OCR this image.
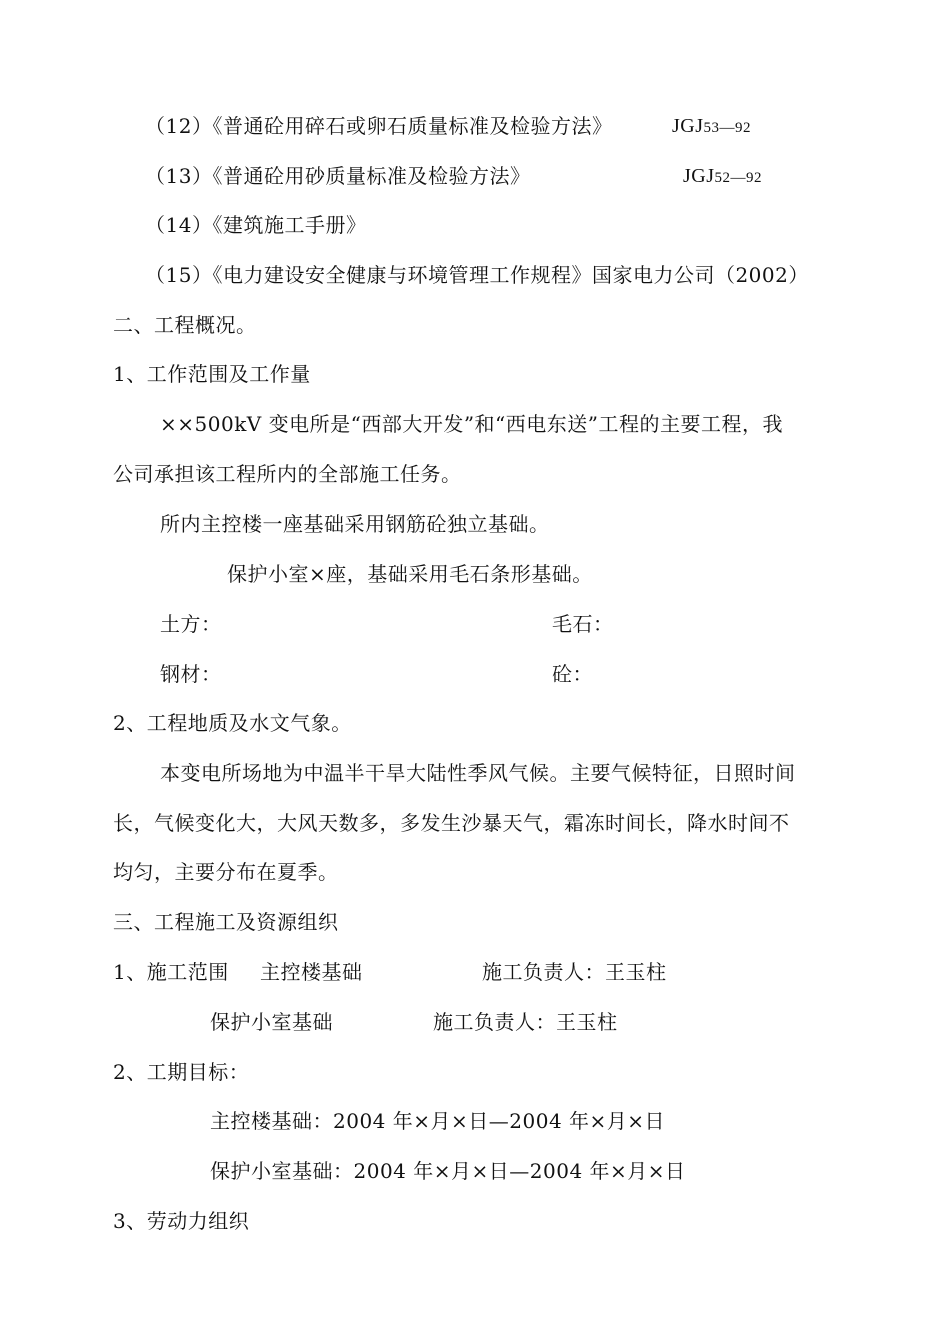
（12）《普通砼用碎石或卵石质量标准及检验方法》	JGJ53—92
（13）《普通砼用砂质量标准及检验方法》	JGJ52—92
（14）《建筑施工手册》
（15）《电力建设安全健康与环境管理工作规程》国家电力公司（2002）
二、工程概况。
1、工作范围及工作量
××500kV 变电所是“西部大开发”和“西电东送”工程的主要工程，我
公司承担该工程所内的全部施工任务。
所内主控楼一座基础采用钢筋砼独立基础。
保护小室×座，基础采用毛石条形基础。
土方：	毛石：
钢材：	砼：
2、工程地质及水文气象。
本变电所场地为中温半干旱大陆性季风气候。主要气候特征，日照时间
长，气候变化大，大风天数多，多发生沙暴天气，霜冻时间长，降水时间不
均匀，主要分布在夏季。
三、工程施工及资源组织
1、施工范围 主控楼基础	施工负责人：王玉柱
保护小室基础	施工负责人：王玉柱
2、工期目标：
主控楼基础：2004 年×月×日—2004 年×月×日
保护小室基础：2004 年×月×日—2004 年×月×日
3、劳动力组织
